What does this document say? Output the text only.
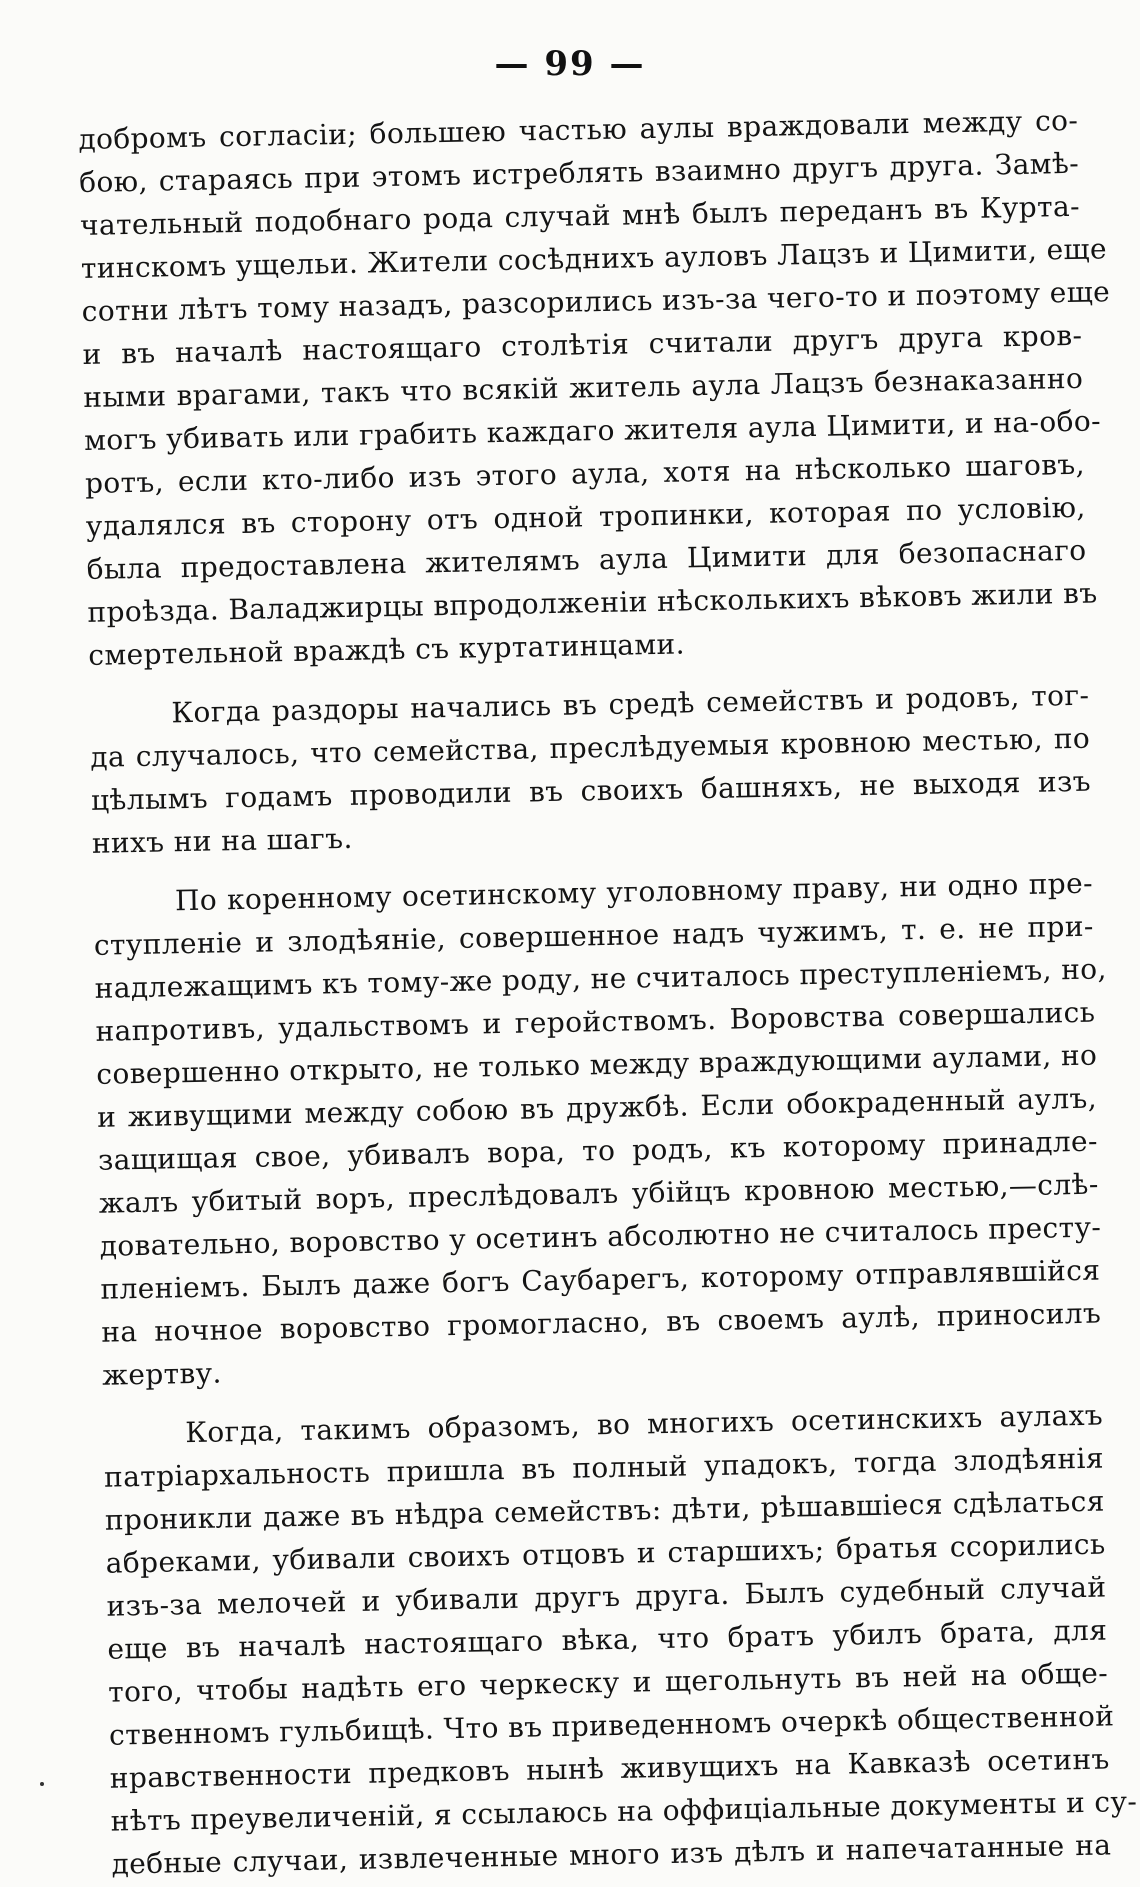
— 99 —
добромъ согласіи; большею частью аулы враждовали между со-
бою, стараясь при этомъ истреблять взаимно другъ друга. Замѣ-
чательный подобнаго рода случай мнѣ былъ переданъ въ Курта-
тинскомъ ущельи. Жители сосѣднихъ ауловъ Лацзъ и Цимити, еще
сотни лѣтъ тому назадъ, разсорились изъ-за чего-то и поэтому еще
и въ началѣ настоящаго столѣтія считали другъ друга кров-
ными врагами, такъ что всякій житель аула Лацзъ безнаказанно
могъ убивать или грабить каждаго жителя аула Цимити, и на-обо-
ротъ, если кто-либо изъ этого аула, хотя на нѣсколько шаговъ,
удалялся въ сторону отъ одной тропинки, которая по условію,
была предоставлена жителямъ аула Цимити для безопаснаго
проѣзда. Валаджирцы впродолженіи нѣсколькихъ вѣковъ жили въ
смертельной враждѣ съ куртатинцами.
Когда раздоры начались въ средѣ семействъ и родовъ, тог-
да случалось, что семейства, преслѣдуемыя кровною местью, по
цѣлымъ годамъ проводили въ своихъ башняхъ, не выходя изъ
нихъ ни на шагъ.
По коренному осетинскому уголовному праву, ни одно пре-
ступленіе и злодѣяніе, совершенное надъ чужимъ, т. е. не при-
надлежащимъ къ тому-же роду, не считалось преступленіемъ, но,
напротивъ, удальствомъ и геройствомъ. Воровства совершались
совершенно открыто, не только между враждующими аулами, но
и живущими между собою въ дружбѣ. Если обокраденный аулъ,
защищая свое, убивалъ вора, то родъ, къ которому принадле-
жалъ убитый воръ, преслѣдовалъ убійцъ кровною местью,—слѣ-
довательно, воровство у осетинъ абсолютно не считалось престу-
пленіемъ. Былъ даже богъ Саубарегъ, которому отправлявшійся
на ночное воровство громогласно, въ своемъ аулѣ, приносилъ
жертву.
Когда, такимъ образомъ, во многихъ осетинскихъ аулахъ
патріархальность пришла въ полный упадокъ, тогда злодѣянія
проникли даже въ нѣдра семействъ: дѣти, рѣшавшіеся сдѣлаться
абреками, убивали своихъ отцовъ и старшихъ; братья ссорились
изъ-за мелочей и убивали другъ друга. Былъ судебный случай
еще въ началѣ настоящаго вѣка, что братъ убилъ брата, для
того, чтобы надѣть его черкеску и щегольнуть въ ней на обще-
ственномъ гульбищѣ. Что въ приведенномъ очеркѣ общественной
нравственности предковъ нынѣ живущихъ на Кавказѣ осетинъ
нѣтъ преувеличеній, я ссылаюсь на оффиціальные документы и су-
дебные случаи, извлеченные много изъ дѣлъ и напечатанные на
